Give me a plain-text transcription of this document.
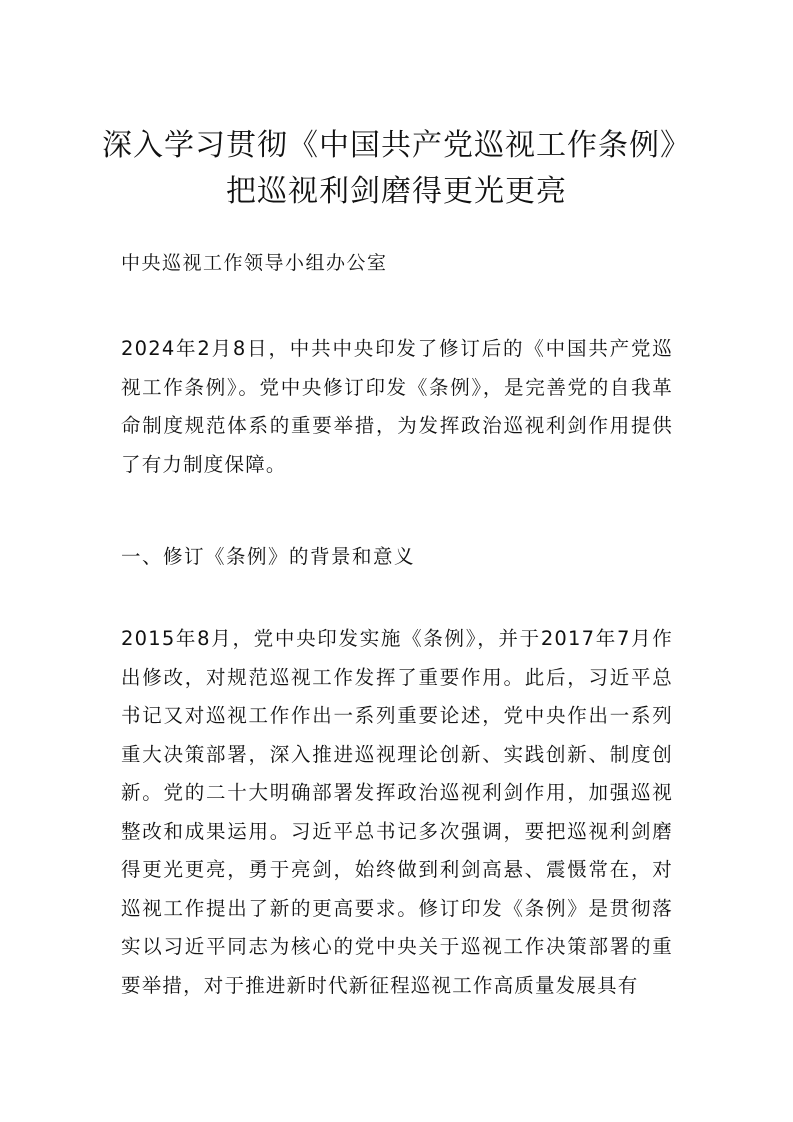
深入学习贯彻《中国共产党巡视工作条例》
把巡视利剑磨得更光更亮

中央巡视工作领导小组办公室

2024年2月8日，中共中央印发了修订后的《中国共产党巡视工作条例》。党中央修订印发《条例》，是完善党的自我革命制度规范体系的重要举措，为发挥政治巡视利剑作用提供了有力制度保障。

一、修订《条例》的背景和意义

2015年8月，党中央印发实施《条例》，并于2017年7月作出修改，对规范巡视工作发挥了重要作用。此后，习近平总书记又对巡视工作作出一系列重要论述，党中央作出一系列重大决策部署，深入推进巡视理论创新、实践创新、制度创新。党的二十大明确部署发挥政治巡视利剑作用，加强巡视整改和成果运用。习近平总书记多次强调，要把巡视利剑磨得更光更亮，勇于亮剑，始终做到利剑高悬、震慑常在，对巡视工作提出了新的更高要求。修订印发《条例》是贯彻落实以习近平同志为核心的党中央关于巡视工作决策部署的重要举措，对于推进新时代新征程巡视工作高质量发展具有
